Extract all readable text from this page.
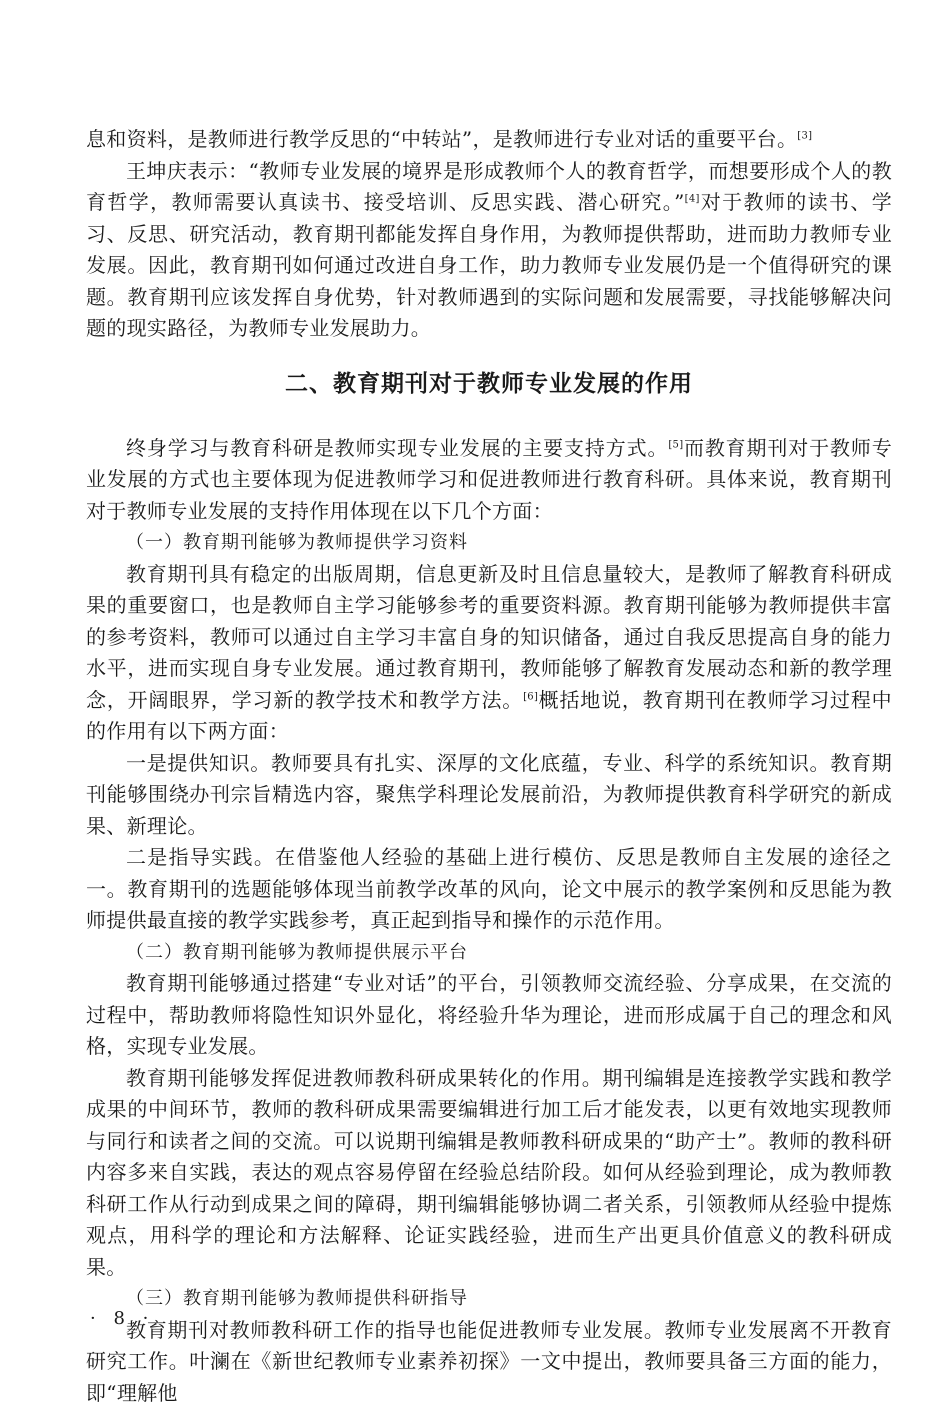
息和资料，是教师进行教学反思的“中转站”，是教师进行专业对话的重要平台。[3]

王坤庆表示：“教师专业发展的境界是形成教师个人的教育哲学，而想要形成个人的教育哲学，教师需要认真读书、接受培训、反思实践、潜心研究。”[4]对于教师的读书、学习、反思、研究活动，教育期刊都能发挥自身作用，为教师提供帮助，进而助力教师专业发展。因此，教育期刊如何通过改进自身工作，助力教师专业发展仍是一个值得研究的课题。教育期刊应该发挥自身优势，针对教师遇到的实际问题和发展需要，寻找能够解决问题的现实路径，为教师专业发展助力。

二、教育期刊对于教师专业发展的作用

终身学习与教育科研是教师实现专业发展的主要支持方式。[5]而教育期刊对于教师专业发展的方式也主要体现为促进教师学习和促进教师进行教育科研。具体来说，教育期刊对于教师专业发展的支持作用体现在以下几个方面：

（一）教育期刊能够为教师提供学习资料

教育期刊具有稳定的出版周期，信息更新及时且信息量较大，是教师了解教育科研成果的重要窗口，也是教师自主学习能够参考的重要资料源。教育期刊能够为教师提供丰富的参考资料，教师可以通过自主学习丰富自身的知识储备，通过自我反思提高自身的能力水平，进而实现自身专业发展。通过教育期刊，教师能够了解教育发展动态和新的教学理念，开阔眼界，学习新的教学技术和教学方法。[6]概括地说，教育期刊在教师学习过程中的作用有以下两方面：

一是提供知识。教师要具有扎实、深厚的文化底蕴，专业、科学的系统知识。教育期刊能够围绕办刊宗旨精选内容，聚焦学科理论发展前沿，为教师提供教育科学研究的新成果、新理论。

二是指导实践。在借鉴他人经验的基础上进行模仿、反思是教师自主发展的途径之一。教育期刊的选题能够体现当前教学改革的风向，论文中展示的教学案例和反思能为教师提供最直接的教学实践参考，真正起到指导和操作的示范作用。

（二）教育期刊能够为教师提供展示平台

教育期刊能够通过搭建“专业对话”的平台，引领教师交流经验、分享成果，在交流的过程中，帮助教师将隐性知识外显化，将经验升华为理论，进而形成属于自己的理念和风格，实现专业发展。

教育期刊能够发挥促进教师教科研成果转化的作用。期刊编辑是连接教学实践和教学成果的中间环节，教师的教科研成果需要编辑进行加工后才能发表，以更有效地实现教师与同行和读者之间的交流。可以说期刊编辑是教师教科研成果的“助产士”。教师的教科研内容多来自实践，表达的观点容易停留在经验总结阶段。如何从经验到理论，成为教师教科研工作从行动到成果之间的障碍，期刊编辑能够协调二者关系，引领教师从经验中提炼观点，用科学的理论和方法解释、论证实践经验，进而生产出更具价值意义的教科研成果。

（三）教育期刊能够为教师提供科研指导

教育期刊对教师教科研工作的指导也能促进教师专业发展。教师专业发展离不开教育研究工作。叶澜在《新世纪教师专业素养初探》一文中提出，教师要具备三方面的能力，即“理解他

· 8 ·
